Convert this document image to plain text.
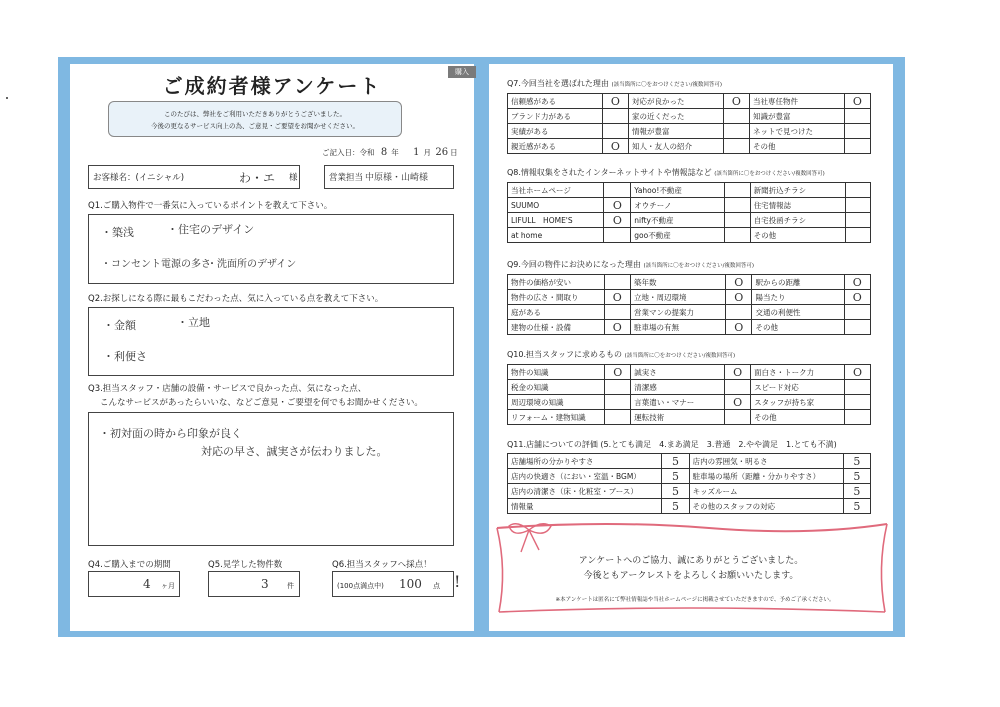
購入
ご成約者様アンケート
このたびは、弊社をご利用いただきありがとうございました。
今後の更なるサービス向上の為、ご意見・ご要望をお聞かせください。
ご記入日：令和 8 年 1 月 26 日
お客様名：(イニシャル)	わ・エ 様	営業担当 中原様・山崎様
Q1.ご購入物件で一番気に入っているポイントを教えて下さい。
・築浅	・住宅のデザイン
・コンセント電源の多さ
・洗面所のデザイン
Q2.お探しになる際に最もこだわった点、気に入っている点を教えて下さい。
・金額	・立地
・利便さ
Q3.担当スタッフ・店舗の設備・サービスで良かった点、気になった点、
こんなサービスがあったらいいな、などご意見・ご要望を何でもお聞かせください。
・初対面の時から印象が良く
対応の早さ、誠実さが伝わりました。
Q4.ご購入までの期間
4 ヶ月
Q5.見学した物件数
3	件
Q6.担当スタッフへ採点！
(100点満点中) 100 点 !
Q7.今回当社を選ばれた理由 (該当箇所に〇をおつけください/複数回答可)
信頼感がある	O	対応が良かった	O	当社専任物件	O
ブランド力がある		家の近くだった		知識が豊富	
実績がある		情報が豊富		ネットで見つけた	
親近感がある	O	知人・友人の紹介		その他	
Q8.情報収集をされたインターネットサイトや情報誌など (該当箇所に〇をおつけください/複数回答可)
当社ホームページ		Yahoo!不動産		新聞折込チラシ	
SUUMO	O	オウチーノ		住宅情報誌	
LIFULL　HOME'S	O	nifty不動産		自宅投函チラシ	
at home		goo不動産		その他	
Q9.今回の物件にお決めになった理由 (該当箇所に〇をおつけください/複数回答可)
物件の価格が安い		築年数	O	駅からの距離	O
物件の広さ・間取り	O	立地・周辺環境	O	陽当たり	O
庭がある		営業マンの提案力		交通の利便性	
建物の仕様・設備	O	駐車場の有無	O	その他	
Q10.担当スタッフに求めるもの (該当箇所に〇をおつけください/複数回答可)
物件の知識	O	誠実さ	O	面白さ・トーク力	O
税金の知識		清潔感		スピード対応	
周辺環境の知識		言葉遣い・マナー	O	スタッフが持ち家	
リフォーム・建物知識		運転技術		その他	
Q11.店舗についての評価 (5.とても満足　4.まあ満足　3.普通　2.やや満足　1.とても不満)
店舗場所の分かりやすさ	5	店内の雰囲気・明るさ	5
店内の快適さ（におい・室温・BGM）	5	駐車場の場所（距離・分かりやすさ）	5
店内の清潔さ（床・化粧室・ブース）	5	キッズルーム	5
情報量	5	その他のスタッフの対応	5
アンケートへのご協力、誠にありがとうございました。
今後ともアークレストをよろしくお願いいたします。
※本アンケートは匿名にて弊社情報誌や当社ホームページに掲載させていただきますので、予めご了承ください。
